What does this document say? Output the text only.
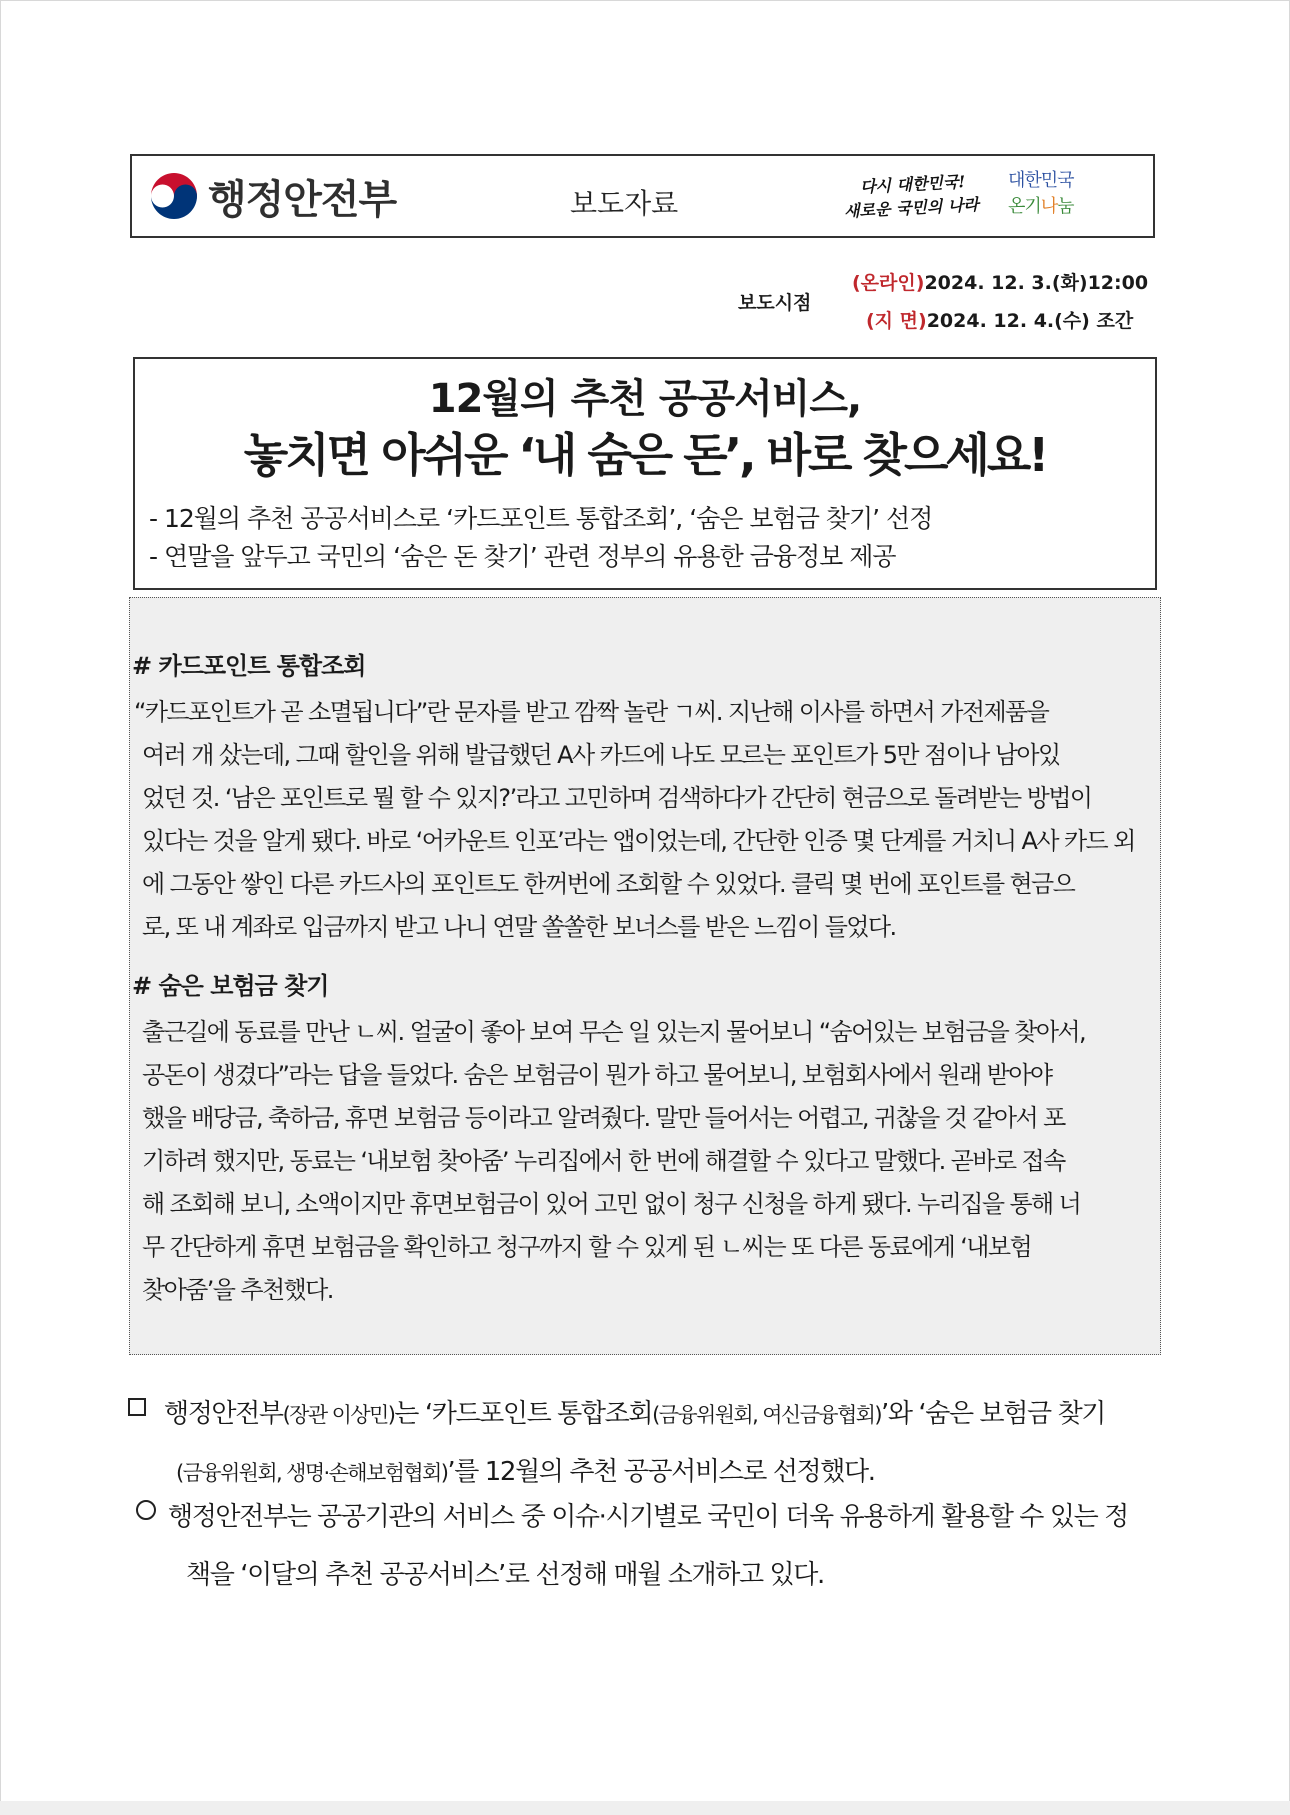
행정안전부	보도자료
다시 대한민국!
새로운 국민의 나라
대한민국
온기나눔
보도시점
(온라인)2024. 12. 3.(화)12:00
(지 면)2024. 12. 4.(수) 조간
12월의 추천 공공서비스,
놓치면 아쉬운 ‘내 숨은 돈’, 바로 찾으세요!
- 12월의 추천 공공서비스로 ‘카드포인트 통합조회’, ‘숨은 보험금 찾기’ 선정
- 연말을 앞두고 국민의 ‘숨은 돈 찾기’ 관련 정부의 유용한 금융정보 제공
# 카드포인트 통합조회
“카드포인트가 곧 소멸됩니다”란 문자를 받고 깜짝 놀란 ㄱ씨. 지난해 이사를 하면서 가전제품을
여러 개 샀는데, 그때 할인을 위해 발급했던 A사 카드에 나도 모르는 포인트가 5만 점이나 남아있
었던 것. ‘남은 포인트로 뭘 할 수 있지?’라고 고민하며 검색하다가 간단히 현금으로 돌려받는 방법이
있다는 것을 알게 됐다. 바로 ‘어카운트 인포’라는 앱이었는데, 간단한 인증 몇 단계를 거치니 A사 카드 외
에 그동안 쌓인 다른 카드사의 포인트도 한꺼번에 조회할 수 있었다. 클릭 몇 번에 포인트를 현금으
로, 또 내 계좌로 입금까지 받고 나니 연말 쏠쏠한 보너스를 받은 느낌이 들었다.
# 숨은 보험금 찾기
출근길에 동료를 만난 ㄴ씨. 얼굴이 좋아 보여 무슨 일 있는지 물어보니 “숨어있는 보험금을 찾아서,
공돈이 생겼다”라는 답을 들었다. 숨은 보험금이 뭔가 하고 물어보니, 보험회사에서 원래 받아야
했을 배당금, 축하금, 휴면 보험금 등이라고 알려줬다. 말만 들어서는 어렵고, 귀찮을 것 같아서 포
기하려 했지만, 동료는 ‘내보험 찾아줌’ 누리집에서 한 번에 해결할 수 있다고 말했다. 곧바로 접속
해 조회해 보니, 소액이지만 휴면보험금이 있어 고민 없이 청구 신청을 하게 됐다. 누리집을 통해 너
무 간단하게 휴면 보험금을 확인하고 청구까지 할 수 있게 된 ㄴ씨는 또 다른 동료에게 ‘내보험
찾아줌’을 추천했다.
행정안전부(장관 이상민)는 ‘카드포인트 통합조회(금융위원회, 여신금융협회)’와 ‘숨은 보험금 찾기
(금융위원회, 생명·손해보험협회)’를 12월의 추천 공공서비스로 선정했다.
행정안전부는 공공기관의 서비스 중 이슈·시기별로 국민이 더욱 유용하게 활용할 수 있는 정
책을 ‘이달의 추천 공공서비스’로 선정해 매월 소개하고 있다.
